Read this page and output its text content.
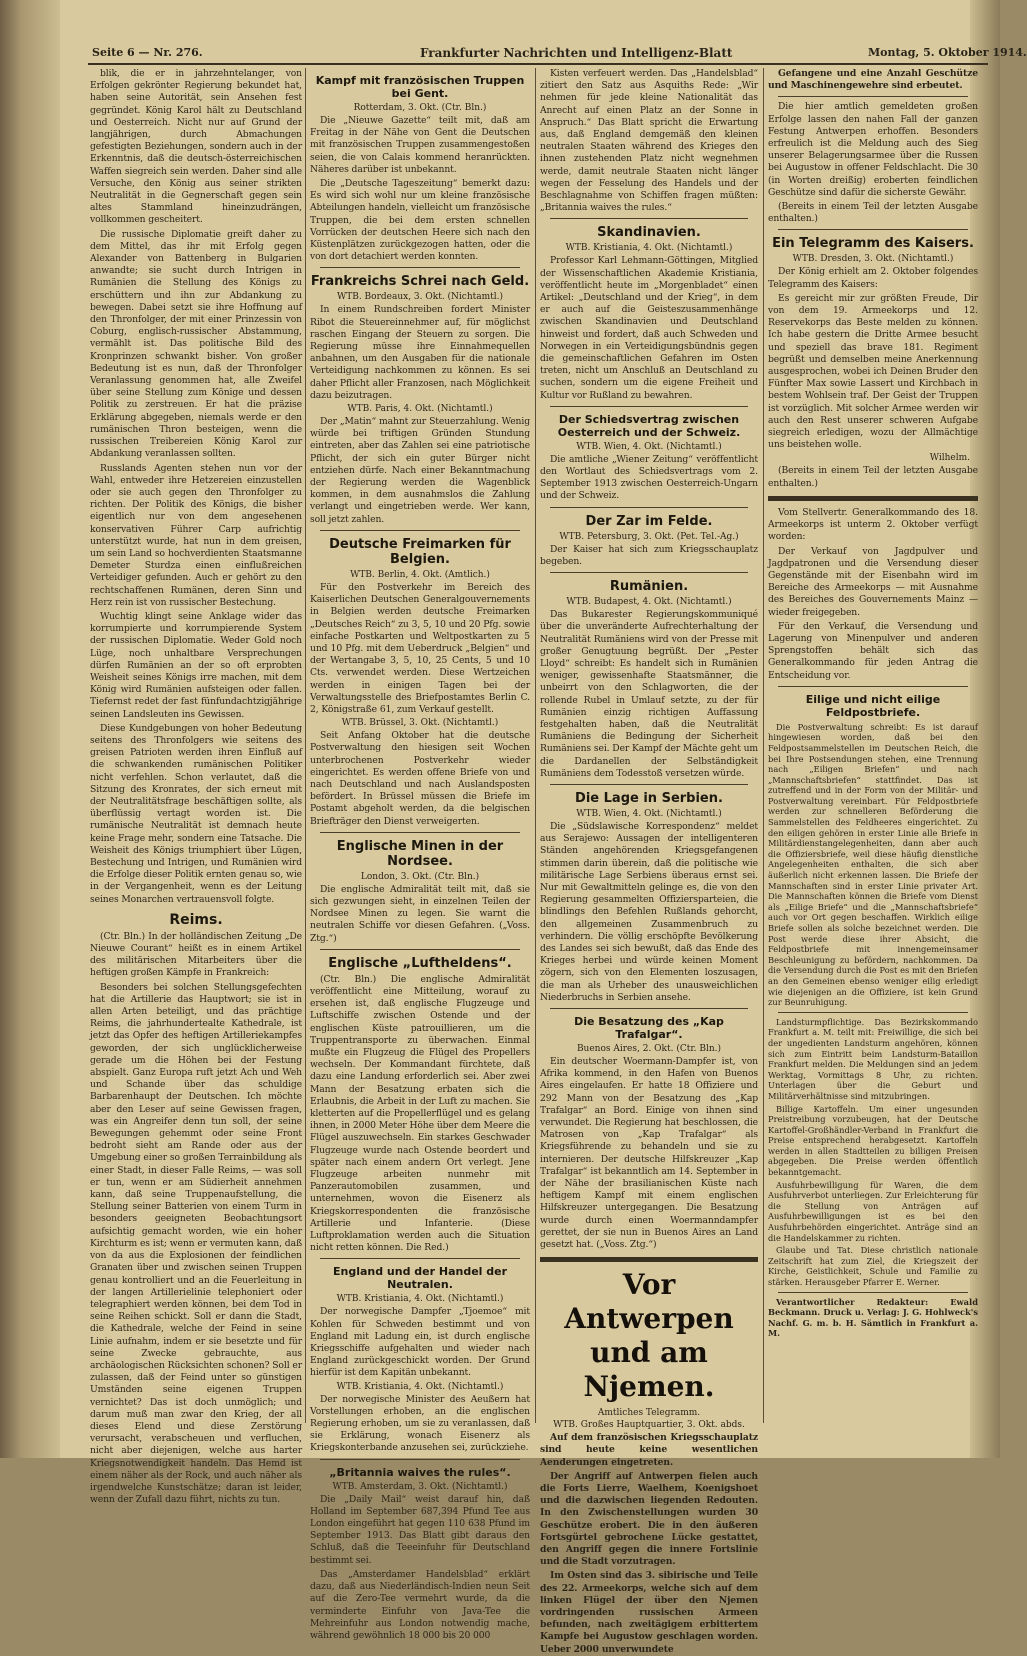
Seite 6 — Nr. 276.	Frankfurter Nachrichten und Intelligenz-Blatt	Montag, 5. Oktober 1914.

blik, die er in jahrzehntelanger, von Erfolgen gekrönter Regierung bekundet hat, haben seine Autorität, sein Ansehen fest gegründet. König Karol hält zu Deutschland und Oesterreich. Nicht nur auf Grund der langjährigen, durch Abmachungen gefestigten Beziehungen, sondern auch in der Erkenntnis, daß die deutsch-österreichischen Waffen siegreich sein werden. Daher sind alle Versuche, den König aus seiner strikten Neutralität in die Gegnerschaft gegen sein altes Stammland hineinzudrängen, vollkommen gescheitert.

Die russische Diplomatie greift daher zu dem Mittel, das ihr mit Erfolg gegen Alexander von Battenberg in Bulgarien anwandte; sie sucht durch Intrigen in Rumänien die Stellung des Königs zu erschüttern und ihn zur Abdankung zu bewegen. Dabei setzt sie ihre Hoffnung auf den Thronfolger, der mit einer Prinzessin von Coburg, englisch-russischer Abstammung, vermählt ist. Das politische Bild des Kronprinzen schwankt bisher. Von großer Bedeutung ist es nun, daß der Thronfolger Veranlassung genommen hat, alle Zweifel über seine Stellung zum Könige und dessen Politik zu zerstreuen. Er hat die präzise Erklärung abgegeben, niemals werde er den rumänischen Thron besteigen, wenn die russischen Treibereien König Karol zur Abdankung veranlassen sollten.

Russlands Agenten stehen nun vor der Wahl, entweder ihre Hetzereien einzustellen oder sie auch gegen den Thronfolger zu richten. Der Politik des Königs, die bisher eigentlich nur von dem angesehenen konservativen Führer Carp aufrichtig unterstützt wurde, hat nun in dem greisen, um sein Land so hochverdienten Staatsmanne Demeter Sturdza einen einflußreichen Verteidiger gefunden. Auch er gehört zu den rechtschaffenen Rumänen, deren Sinn und Herz rein ist von russischer Bestechung.

Wuchtig klingt seine Anklage wider das korrumpierte und korrumpierende System der russischen Diplomatie. Weder Gold noch Lüge, noch unhaltbare Versprechungen dürfen Rumänien an der so oft erprobten Weisheit seines Königs irre machen, mit dem König wird Rumänien aufsteigen oder fallen. Tiefernst redet der fast fünfundachtzigjährige seinen Landsleuten ins Gewissen.

Diese Kundgebungen von hoher Bedeutung seitens des Thronfolgers wie seitens des greisen Patrioten werden ihren Einfluß auf die schwankenden rumänischen Politiker nicht verfehlen. Schon verlautet, daß die Sitzung des Kronrates, der sich erneut mit der Neutralitätsfrage beschäftigen sollte, als überflüssig vertagt worden ist. Die rumänische Neutralität ist demnach heute keine Frage mehr, sondern eine Tatsache. Die Weisheit des Königs triumphiert über Lügen, Bestechung und Intrigen, und Rumänien wird die Erfolge dieser Politik ernten genau so, wie in der Vergangenheit, wenn es der Leitung seines Monarchen vertrauensvoll folgte.

Reims.

(Ctr. Bln.) In der holländischen Zeitung „De Nieuwe Courant“ heißt es in einem Artikel des militärischen Mitarbeiters über die heftigen großen Kämpfe in Frankreich:

Besonders bei solchen Stellungsgefechten hat die Artillerie das Hauptwort; sie ist in allen Arten beteiligt, und das prächtige Reims, die jahrhundertealte Kathedrale, ist jetzt das Opfer des heftigen Artilleriekampfes geworden, der sich unglücklicherweise gerade um die Höhen bei der Festung abspielt. Ganz Europa ruft jetzt Ach und Weh und Schande über das schuldige Barbarenhaupt der Deutschen. Ich möchte aber den Leser auf seine Gewissen fragen, was ein Angreifer denn tun soll, der seine Bewegungen gehemmt oder seine Front bedroht sieht am Rande oder aus der Umgebung einer so großen Terrainbildung als einer Stadt, in dieser Falle Reims, — was soll er tun, wenn er am Südierheit annehmen kann, daß seine Truppenaufstellung, die Stellung seiner Batterien von einem Turm in besonders geeigneten Beobachtungsort aufsichtig gemacht worden, wie ein hoher Kirchturm es ist; wenn er vermuten kann, daß von da aus die Explosionen der feindlichen Granaten über und zwischen seinen Truppen genau kontrolliert und an die Feuerleitung in der langen Artillerielinie telephoniert oder telegraphiert werden können, bei dem Tod in seine Reihen schickt. Soll er dann die Stadt, die Kathedrale, welche der Feind in seine Linie aufnahm, indem er sie besetzte und für seine Zwecke gebrauchte, aus archäologischen Rücksichten schonen? Soll er zulassen, daß der Feind unter so günstigen Umständen seine eigenen Truppen vernichtet? Das ist doch unmöglich; und darum muß man zwar den Krieg, der all dieses Elend und diese Zerstörung verursacht, verabscheuen und verfluchen, nicht aber diejenigen, welche aus harter Kriegsnotwendigkeit handeln. Das Hemd ist einem näher als der Rock, und auch näher als irgendwelche Kunstschätze; daran ist leider, wenn der Zufall dazu führt, nichts zu tun.

Kampf mit französischen Truppen bei Gent.
Rotterdam, 3. Okt. (Ctr. Bln.)

Die „Nieuwe Gazette“ teilt mit, daß am Freitag in der Nähe von Gent die Deutschen mit französischen Truppen zusammengestoßen seien, die von Calais kommend heranrückten. Näheres darüber ist unbekannt.

Die „Deutsche Tageszeitung“ bemerkt dazu: Es wird sich wohl nur um kleine französische Abteilungen handeln, vielleicht um französische Truppen, die bei dem ersten schnellen Vorrücken der deutschen Heere sich nach den Küstenplätzen zurückgezogen hatten, oder die von dort detachiert werden konnten.

Frankreichs Schrei nach Geld.
WTB. Bordeaux, 3. Okt. (Nichtamtl.)

In einem Rundschreiben fordert Minister Ribot die Steuereinnehmer auf, für möglichst raschen Eingang der Steuern zu sorgen. Die Regierung müsse ihre Einnahmequellen anbahnen, um den Ausgaben für die nationale Verteidigung nachkommen zu können. Es sei daher Pflicht aller Franzosen, nach Möglichkeit dazu beizutragen.

WTB. Paris, 4. Okt. (Nichtamtl.)

Der „Matin“ mahnt zur Steuerzahlung. Wenig würde bei triftigen Gründen Stundung eintreten, aber das Zahlen sei eine patriotische Pflicht, der sich ein guter Bürger nicht entziehen dürfe. Nach einer Bekanntmachung der Regierung werden die Wagenblick kommen, in dem ausnahmslos die Zahlung verlangt und eingetrieben werde. Wer kann, soll jetzt zahlen.

Deutsche Freimarken für Belgien.
WTB. Berlin, 4. Okt. (Amtlich.)

Für den Postverkehr im Bereich des Kaiserlichen Deutschen Generalgouvernements in Belgien werden deutsche Freimarken „Deutsches Reich“ zu 3, 5, 10 und 20 Pfg. sowie einfache Postkarten und Weltpostkarten zu 5 und 10 Pfg. mit dem Ueberdruck „Belgien“ und der Wertangabe 3, 5, 10, 25 Cents, 5 und 10 Cts. verwendet werden. Diese Wertzeichen werden in einigen Tagen bei der Verwaltungsstelle des Briefpostamtes Berlin C. 2, Königstraße 61, zum Verkauf gestellt.

WTB. Brüssel, 3. Okt. (Nichtamtl.)

Seit Anfang Oktober hat die deutsche Postverwaltung den hiesigen seit Wochen unterbrochenen Postverkehr wieder eingerichtet. Es werden offene Briefe von und nach Deutschland und nach Auslandsposten befördert. In Brüssel müssen die Briefe im Postamt abgeholt werden, da die belgischen Briefträger den Dienst verweigerten.

Englische Minen in der Nordsee.
London, 3. Okt. (Ctr. Bln.)

Die englische Admiralität teilt mit, daß sie sich gezwungen sieht, in einzelnen Teilen der Nordsee Minen zu legen. Sie warnt die neutralen Schiffe vor diesen Gefahren. („Voss. Ztg.“)

Englische „Luftheldens“.

(Ctr. Bln.) Die englische Admiralität veröffentlicht eine Mitteilung, worauf zu ersehen ist, daß englische Flugzeuge und Luftschiffe zwischen Ostende und der englischen Küste patrouillieren, um die Truppentransporte zu überwachen. Einmal mußte ein Flugzeug die Flügel des Propellers wechseln. Der Kommandant fürchtete, daß dazu eine Landung erforderlich sei. Aber zwei Mann der Besatzung erbaten sich die Erlaubnis, die Arbeit in der Luft zu machen. Sie kletterten auf die Propellerflügel und es gelang ihnen, in 2000 Meter Höhe über dem Meere die Flügel auszuwechseln. Ein starkes Geschwader Flugzeuge wurde nach Ostende beordert und später nach einem andern Ort verlegt. Jene Flugzeuge arbeiten nunmehr mit Panzerautomobilen zusammen, und unternehmen, wovon die Eisenerz als Kriegskorrespondenten die französische Artillerie und Infanterie. (Diese Luftproklamation werden auch die Situation nicht retten können. Die Red.)

England und der Handel der Neutralen.
WTB. Kristiania, 4. Okt. (Nichtamtl.)

Der norwegische Dampfer „Tjoemoe“ mit Kohlen für Schweden bestimmt und von England mit Ladung ein, ist durch englische Kriegsschiffe aufgehalten und wieder nach England zurückgeschickt worden. Der Grund hierfür ist dem Kapitän unbekannt.

WTB. Kristiania, 4. Okt. (Nichtamtl.)

Der norwegische Minister des Aeußern hat Vorstellungen erhoben, an die englischen Regierung erhoben, um sie zu veranlassen, daß sie Erklärung, wonach Eisenerz als Kriegskonterbande anzusehen sei, zurückziehe.

„Britannia waives the rules“.
WTB. Amsterdam, 3. Okt. (Nichtamtl.)

Die „Daily Mail“ weist darauf hin, daß Holland im September 687,394 Pfund Tee aus London eingeführt hat gegen 110 638 Pfund im September 1913. Das Blatt gibt daraus den Schluß, daß die Teeeinfuhr für Deutschland bestimmt sei.

Das „Amsterdamer Handelsblad“ erklärt dazu, daß aus Niederländisch-Indien neun Seit auf die Zero-Tee vermehrt wurde, da die verminderte Einfuhr von Java-Tee die Mehreinfuhr aus London notwendig mache, während gewöhnlich 18 000 bis 20 000

Kisten verfeuert werden. Das „Handelsblad“ zitiert den Satz aus Asquiths Rede: „Wir nehmen für jede kleine Nationalität das Anrecht auf einen Platz an der Sonne in Anspruch.“ Das Blatt spricht die Erwartung aus, daß England demgemäß den kleinen neutralen Staaten während des Krieges den ihnen zustehenden Platz nicht wegnehmen werde, damit neutrale Staaten nicht länger wegen der Fesselung des Handels und der Beschlagnahme von Schiffen fragen müßten: „Britannia waives the rules.“

Skandinavien.
WTB. Kristiania, 4. Okt. (Nichtamtl.)

Professor Karl Lehmann-Göttingen, Mitglied der Wissenschaftlichen Akademie Kristiania, veröffentlicht heute im „Morgenbladet“ einen Artikel: „Deutschland und der Krieg“, in dem er auch auf die Geisteszusammenhänge zwischen Skandinavien und Deutschland hinweist und fordert, daß auch Schweden und Norwegen in ein Verteidigungsbündnis gegen die gemeinschaftlichen Gefahren im Osten treten, nicht um Anschluß an Deutschland zu suchen, sondern um die eigene Freiheit und Kultur vor Rußland zu bewahren.

Der Schiedsvertrag zwischen Oesterreich und der Schweiz.
WTB. Wien, 4. Okt. (Nichtamtl.)

Die amtliche „Wiener Zeitung“ veröffentlicht den Wortlaut des Schiedsvertrags vom 2. September 1913 zwischen Oesterreich-Ungarn und der Schweiz.

Der Zar im Felde.
WTB. Petersburg, 3. Okt. (Pet. Tel.-Ag.)

Der Kaiser hat sich zum Kriegsschauplatz begeben.

Rumänien.
WTB. Budapest, 4. Okt. (Nichtamtl.)

Das Bukarester Regierungskommuniqué über die unveränderte Aufrechterhaltung der Neutralität Rumäniens wird von der Presse mit großer Genugtuung begrüßt. Der „Pester Lloyd“ schreibt: Es handelt sich in Rumänien weniger, gewissenhafte Staatsmänner, die unbeirrt von den Schlagworten, die der rollende Rubel in Umlauf setzte, zu der für Rumänien einzig richtigen Auffassung festgehalten haben, daß die Neutralität Rumäniens die Bedingung der Sicherheit Rumäniens sei. Der Kampf der Mächte geht um die Dardanellen der Selbständigkeit Rumäniens dem Todesstoß versetzen würde.

Die Lage in Serbien.
WTB. Wien, 4. Okt. (Nichtamtl.)

Die „Südslawische Korrespondenz“ meldet aus Serajewo: Aussagen der intelligenteren Ständen angehörenden Kriegsgefangenen stimmen darin überein, daß die politische wie militärische Lage Serbiens überaus ernst sei. Nur mit Gewaltmitteln gelinge es, die von den Regierung gesammelten Offiziersparteien, die blindlings den Befehlen Rußlands gehorcht, den allgemeinen Zusammenbruch zu verhindern. Die völlig erschöpfte Bevölkerung des Landes sei sich bewußt, daß das Ende des Krieges herbei und würde keinen Moment zögern, sich von den Elementen loszusagen, die man als Urheber des unausweichlichen Niederbruchs in Serbien ansehe.

Die Besatzung des „Kap Trafalgar“.
Buenos Aires, 2. Okt. (Ctr. Bln.)

Ein deutscher Woermann-Dampfer ist, von Afrika kommend, in den Hafen von Buenos Aires eingelaufen. Er hatte 18 Offiziere und 292 Mann von der Besatzung des „Kap Trafalgar“ an Bord. Einige von ihnen sind verwundet. Die Regierung hat beschlossen, die Matrosen von „Kap Trafalgar“ als Kriegsführende zu behandeln und sie zu internieren. Der deutsche Hilfskreuzer „Kap Trafalgar“ ist bekanntlich am 14. September in der Nähe der brasilianischen Küste nach heftigem Kampf mit einem englischen Hilfskreuzer untergegangen. Die Besatzung wurde durch einen Woermanndampfer gerettet, der sie nun in Buenos Aires an Land gesetzt hat. („Voss. Ztg.“)

Vor Antwerpen und am Njemen.
Amtliches Telegramm.
WTB. Großes Hauptquartier, 3. Okt. abds.

Auf dem französischen Kriegsschauplatz sind heute keine wesentlichen Aenderungen eingetreten.

Der Angriff auf Antwerpen fielen auch die Forts Lierre, Waelhem, Koenigshoet und die dazwischen liegenden Redouten. In den Zwischenstellungen wurden 30 Geschütze erobert. Die in den äußeren Fortsgürtel gebrochene Lücke gestattet, den Angriff gegen die innere Fortslinie und die Stadt vorzutragen.

Im Osten sind das 3. sibirische und Teile des 22. Armeekorps, welche sich auf dem linken Flügel der über den Njemen vordringenden russischen Armeen befunden, nach zweitägigem erbittertem Kampfe bei Augustow geschlagen worden. Ueber 2000 unverwundete

Gefangene und eine Anzahl Geschütze und Maschinengewehre sind erbeutet.

Die hier amtlich gemeldeten großen Erfolge lassen den nahen Fall der ganzen Festung Antwerpen erhoffen. Besonders erfreulich ist die Meldung auch des Sieg unserer Belagerungsarmee über die Russen bei Augustow in offener Feldschlacht. Die 30 (in Worten dreißig) eroberten feindlichen Geschütze sind dafür die sicherste Gewähr.

(Bereits in einem Teil der letzten Ausgabe enthalten.)

Ein Telegramm des Kaisers.
WTB. Dresden, 3. Okt. (Nichtamtl.)

Der König erhielt am 2. Oktober folgendes Telegramm des Kaisers:

Es gereicht mir zur größten Freude, Dir von dem 19. Armeekorps und 12. Reservekorps das Beste melden zu können. Ich habe gestern die Dritte Armee besucht und speziell das brave 181. Regiment begrüßt und demselben meine Anerkennung ausgesprochen, wobei ich Deinen Bruder den Fünfter Max sowie Lassert und Kirchbach in bestem Wohlsein traf. Der Geist der Truppen ist vorzüglich. Mit solcher Armee werden wir auch den Rest unserer schweren Aufgabe siegreich erledigen, wozu der Allmächtige uns beistehen wolle.

Wilhelm.

(Bereits in einem Teil der letzten Ausgabe enthalten.)

Vom Stellvertr. Generalkommando des 18. Armeekorps ist unterm 2. Oktober verfügt worden:

Der Verkauf von Jagdpulver und Jagdpatronen und die Versendung dieser Gegenstände mit der Eisenbahn wird im Bereiche des Armeekorps — mit Ausnahme des Bereiches des Gouvernements Mainz — wieder freigegeben.

Für den Verkauf, die Versendung und Lagerung von Minenpulver und anderen Sprengstoffen behält sich das Generalkommando für jeden Antrag die Entscheidung vor.

Eilige und nicht eilige Feldpostbriefe.

Die Postverwaltung schreibt: Es ist darauf hingewiesen worden, daß bei den Feldpostsammelstellen im Deutschen Reich, die bei Ihre Postsendungen stehen, eine Trennung nach „Eiligen Briefen“ und nach „Mannschaftsbriefen“ stattfindet. Das ist zutreffend und in der Form von der Militär- und Postverwaltung vereinbart. Für Feldpostbriefe werden zur schnelleren Beförderung die Sammelstellen des Feldheeres eingerichtet. Zu den eiligen gehören in erster Linie alle Briefe in Militärdienstangelegenheiten, dann aber auch die Offiziersbriefe, weil diese häufig dienstliche Angelegenheiten enthalten, die sich aber äußerlich nicht erkennen lassen. Die Briefe der Mannschaften sind in erster Linie privater Art. Die Mannschaften können die Briefe vom Dienst als „Eilige Briefe“ und die „Mannschaftsbriefe“ auch vor Ort gegen beschaffen. Wirklich eilige Briefe sollen als solche bezeichnet werden. Die Post werde diese ihrer Absicht, die Feldpostbriefe mit innengemeinsamer Beschleunigung zu befördern, nachkommen. Da die Versendung durch die Post es mit den Briefen an den Gemeinen ebenso weniger eilig erledigt wie diejenigen an die Offiziere, ist kein Grund zur Beunruhigung.

Landsturmpflichtige. Das Bezirkskommando Frankfurt a. M. teilt mit: Freiwillige, die sich bei der ungedienten Landsturm angehören, können sich zum Eintritt beim Landsturm-Bataillon Frankfurt melden. Die Meldungen sind an jedem Werktag, Vormittags 8 Uhr, zu richten. Unterlagen über die Geburt und Militärverhältnisse sind mitzubringen.

Billige Kartoffeln. Um einer ungesunden Preistreibung vorzubeugen, hat der Deutsche Kartoffel-Großhändler-Verband in Frankfurt die Preise entsprechend herabgesetzt. Kartoffeln werden in allen Stadtteilen zu billigen Preisen abgegeben. Die Preise werden öffentlich bekanntgemacht.

Ausfuhrbewilligung für Waren, die dem Ausfuhrverbot unterliegen. Zur Erleichterung für die Stellung von Anträgen auf Ausfuhrbewilligungen ist es bei den Ausfuhrbehörden eingerichtet. Anträge sind an die Handelskammer zu richten.

Glaube und Tat. Diese christlich nationale Zeitschrift hat zum Ziel, die Kriegszeit der Kirche, Geistlichkeit, Schule und Familie zu stärken. Herausgeber Pfarrer E. Werner.

Verantwortlicher Redakteur: Ewald Beckmann. Druck u. Verlag: J. G. Hohlweck's Nachf. G. m. b. H. Sämtlich in Frankfurt a. M.
